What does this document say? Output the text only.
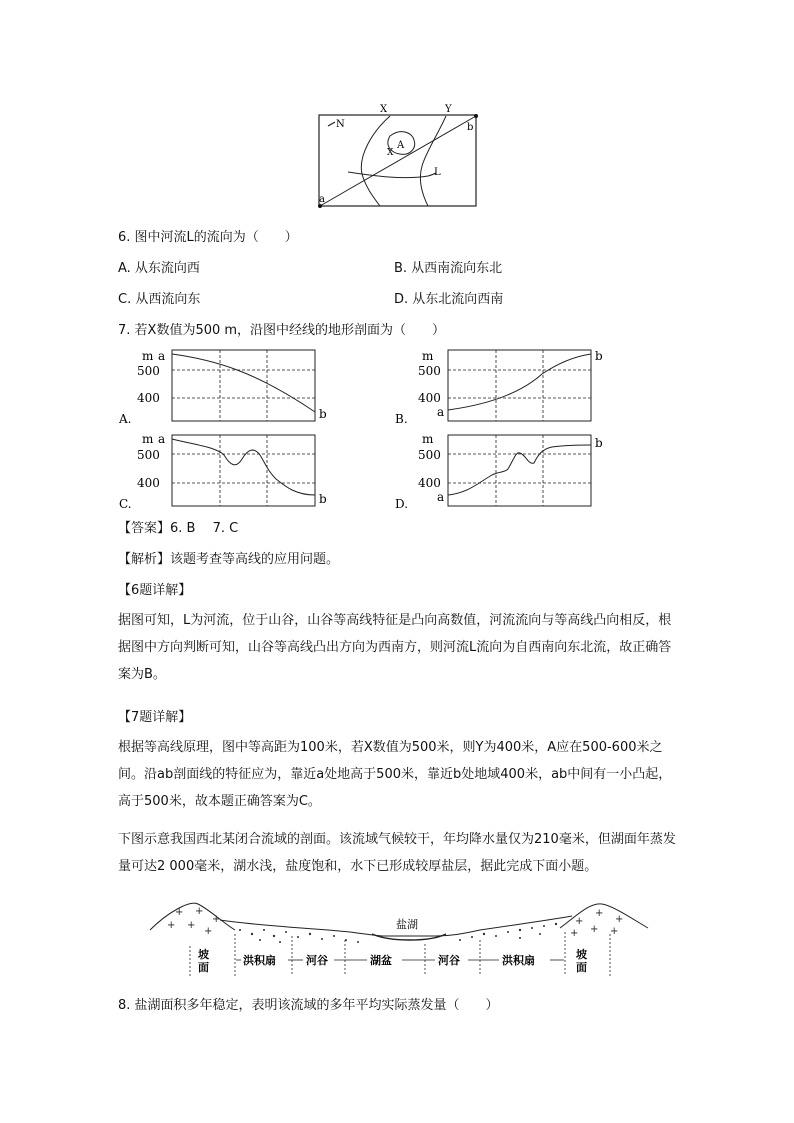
N
X	Y
A
X
L
b
a
6. 图中河流L的流向为（　　）
A. 从东流向西	B. 从西南流向东北
C. 从西流向东	D. 从东北流向西南
7. 若X数值为500 m，沿图中经线的地形剖面为（　　）
m a
500
400
A.	b
m
500
400
a
B.
b
m a
500
400
C.	b
m
500
400
a
D.
b
【答案】6. B　 7. C
【解析】该题考查等高线的应用问题。
【6题详解】
据图可知，L为河流，位于山谷，山谷等高线特征是凸向高数值，河流流向与等高线凸向相反，根据图中方向判断可知，山谷等高线凸出方向为西南方，则河流L流向为自西南向东北流，故正确答案为B。
【7题详解】
根据等高线原理，图中等高距为100米，若X数值为500米，则Y为400米，A应在500-600米之间。沿ab剖面线的特征应为，靠近a处地高于500米，靠近b处地域400米，ab中间有一小凸起，高于500米，故本题正确答案为C。
下图示意我国西北某闭合流域的剖面。该流域气候较干，年均降水量仅为210毫米，但湖面年蒸发量可达2 000毫米，湖水浅，盐度饱和，水下已形成较厚盐层，据此完成下面小题。
+ +
+
+ +
+
+
+
+
+ + +
盐湖
坡面
洪积扇	河谷	湖盆	河谷	洪积扇	坡面
8. 盐湖面积多年稳定，表明该流域的多年平均实际蒸发量（　　）
